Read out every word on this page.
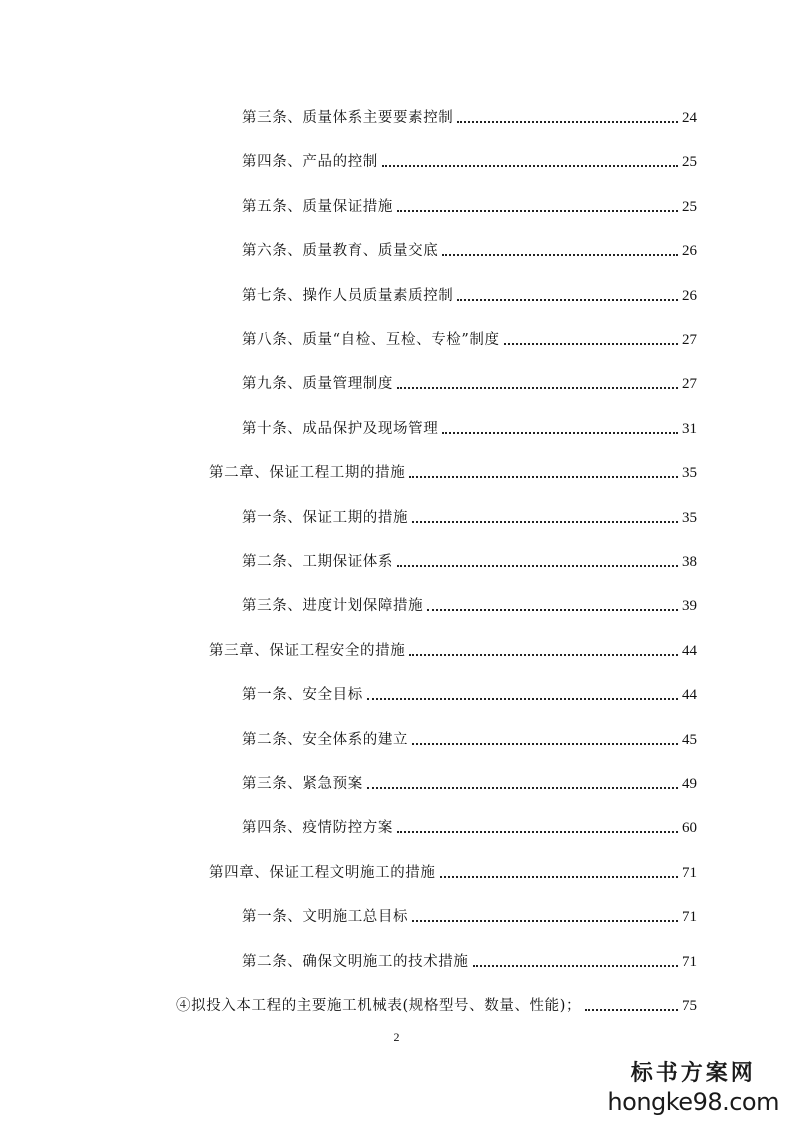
第三条、质量体系主要要素控制	24
第四条、产品的控制	25
第五条、质量保证措施	25
第六条、质量教育、质量交底	26
第七条、操作人员质量素质控制	26
第八条、质量“自检、互检、专检”制度	27
第九条、质量管理制度	27
第十条、成品保护及现场管理	31
第二章、保证工程工期的措施	35
第一条、保证工期的措施	35
第二条、工期保证体系	38
第三条、进度计划保障措施	39
第三章、保证工程安全的措施	44
第一条、安全目标	44
第二条、安全体系的建立	45
第三条、紧急预案	49
第四条、疫情防控方案	60
第四章、保证工程文明施工的措施	71
第一条、文明施工总目标	71
第二条、确保文明施工的技术措施	71
④拟投入本工程的主要施工机械表(规格型号、数量、性能)；	75
2
标书方案网
hongke98.com
